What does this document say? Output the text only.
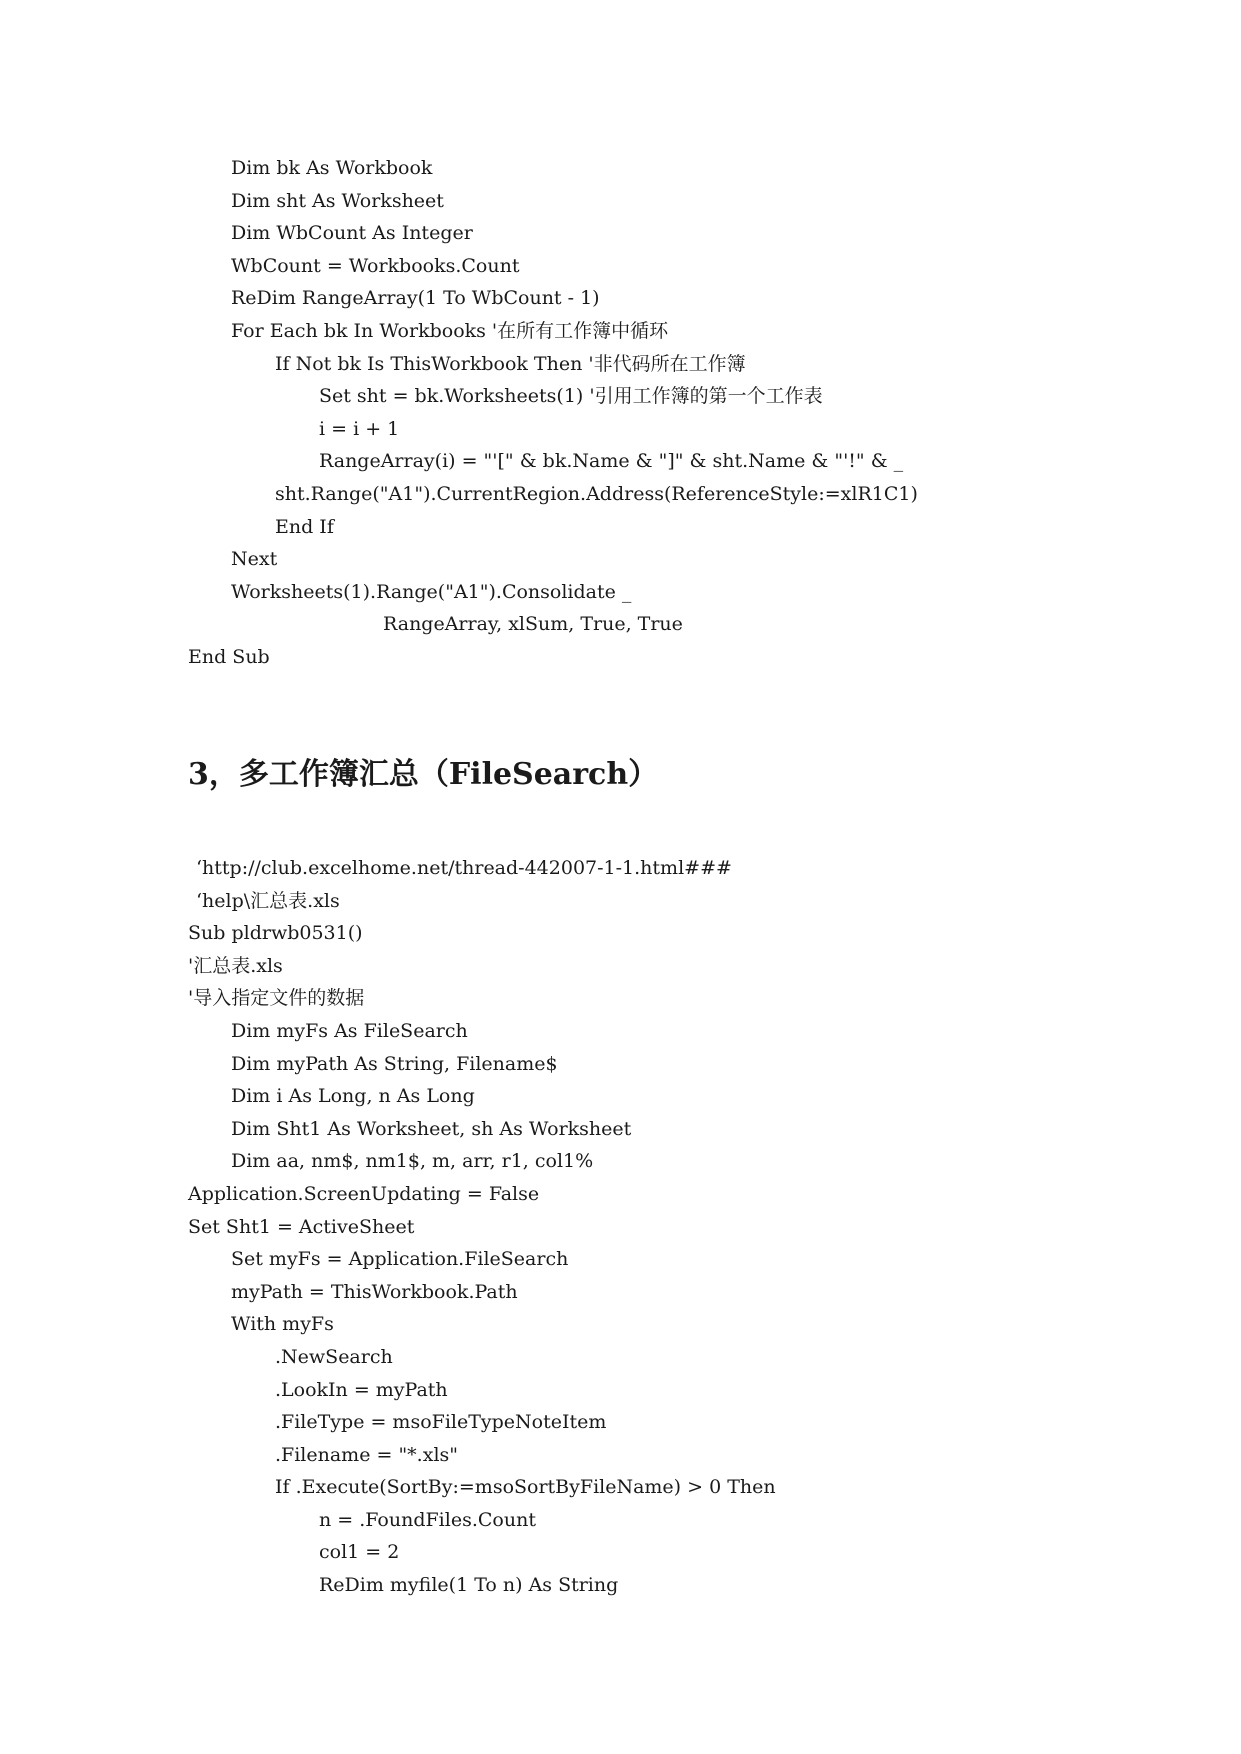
Dim bk As Workbook
Dim sht As Worksheet
Dim WbCount As Integer
WbCount = Workbooks.Count
ReDim RangeArray(1 To WbCount - 1)
For Each bk In Workbooks '在所有工作簿中循环
If Not bk Is ThisWorkbook Then '非代码所在工作簿
Set sht = bk.Worksheets(1) '引用工作簿的第一个工作表
i = i + 1
RangeArray(i) = "'[" & bk.Name & "]" & sht.Name & "'!" & _
sht.Range("A1").CurrentRegion.Address(ReferenceStyle:=xlR1C1)
End If
Next
Worksheets(1).Range("A1").Consolidate _
RangeArray, xlSum, True, True
End Sub
3，多工作簿汇总（FileSearch）
‘http://club.excelhome.net/thread-442007-1-1.html###
‘help\汇总表.xls
Sub pldrwb0531()
'汇总表.xls
'导入指定文件的数据
Dim myFs As FileSearch
Dim myPath As String, Filename$
Dim i As Long, n As Long
Dim Sht1 As Worksheet, sh As Worksheet
Dim aa, nm$, nm1$, m, arr, r1, col1%
Application.ScreenUpdating = False
Set Sht1 = ActiveSheet
Set myFs = Application.FileSearch
myPath = ThisWorkbook.Path
With myFs
.NewSearch
.LookIn = myPath
.FileType = msoFileTypeNoteItem
.Filename = "*.xls"
If .Execute(SortBy:=msoSortByFileName) > 0 Then
n = .FoundFiles.Count
col1 = 2
ReDim myfile(1 To n) As String
